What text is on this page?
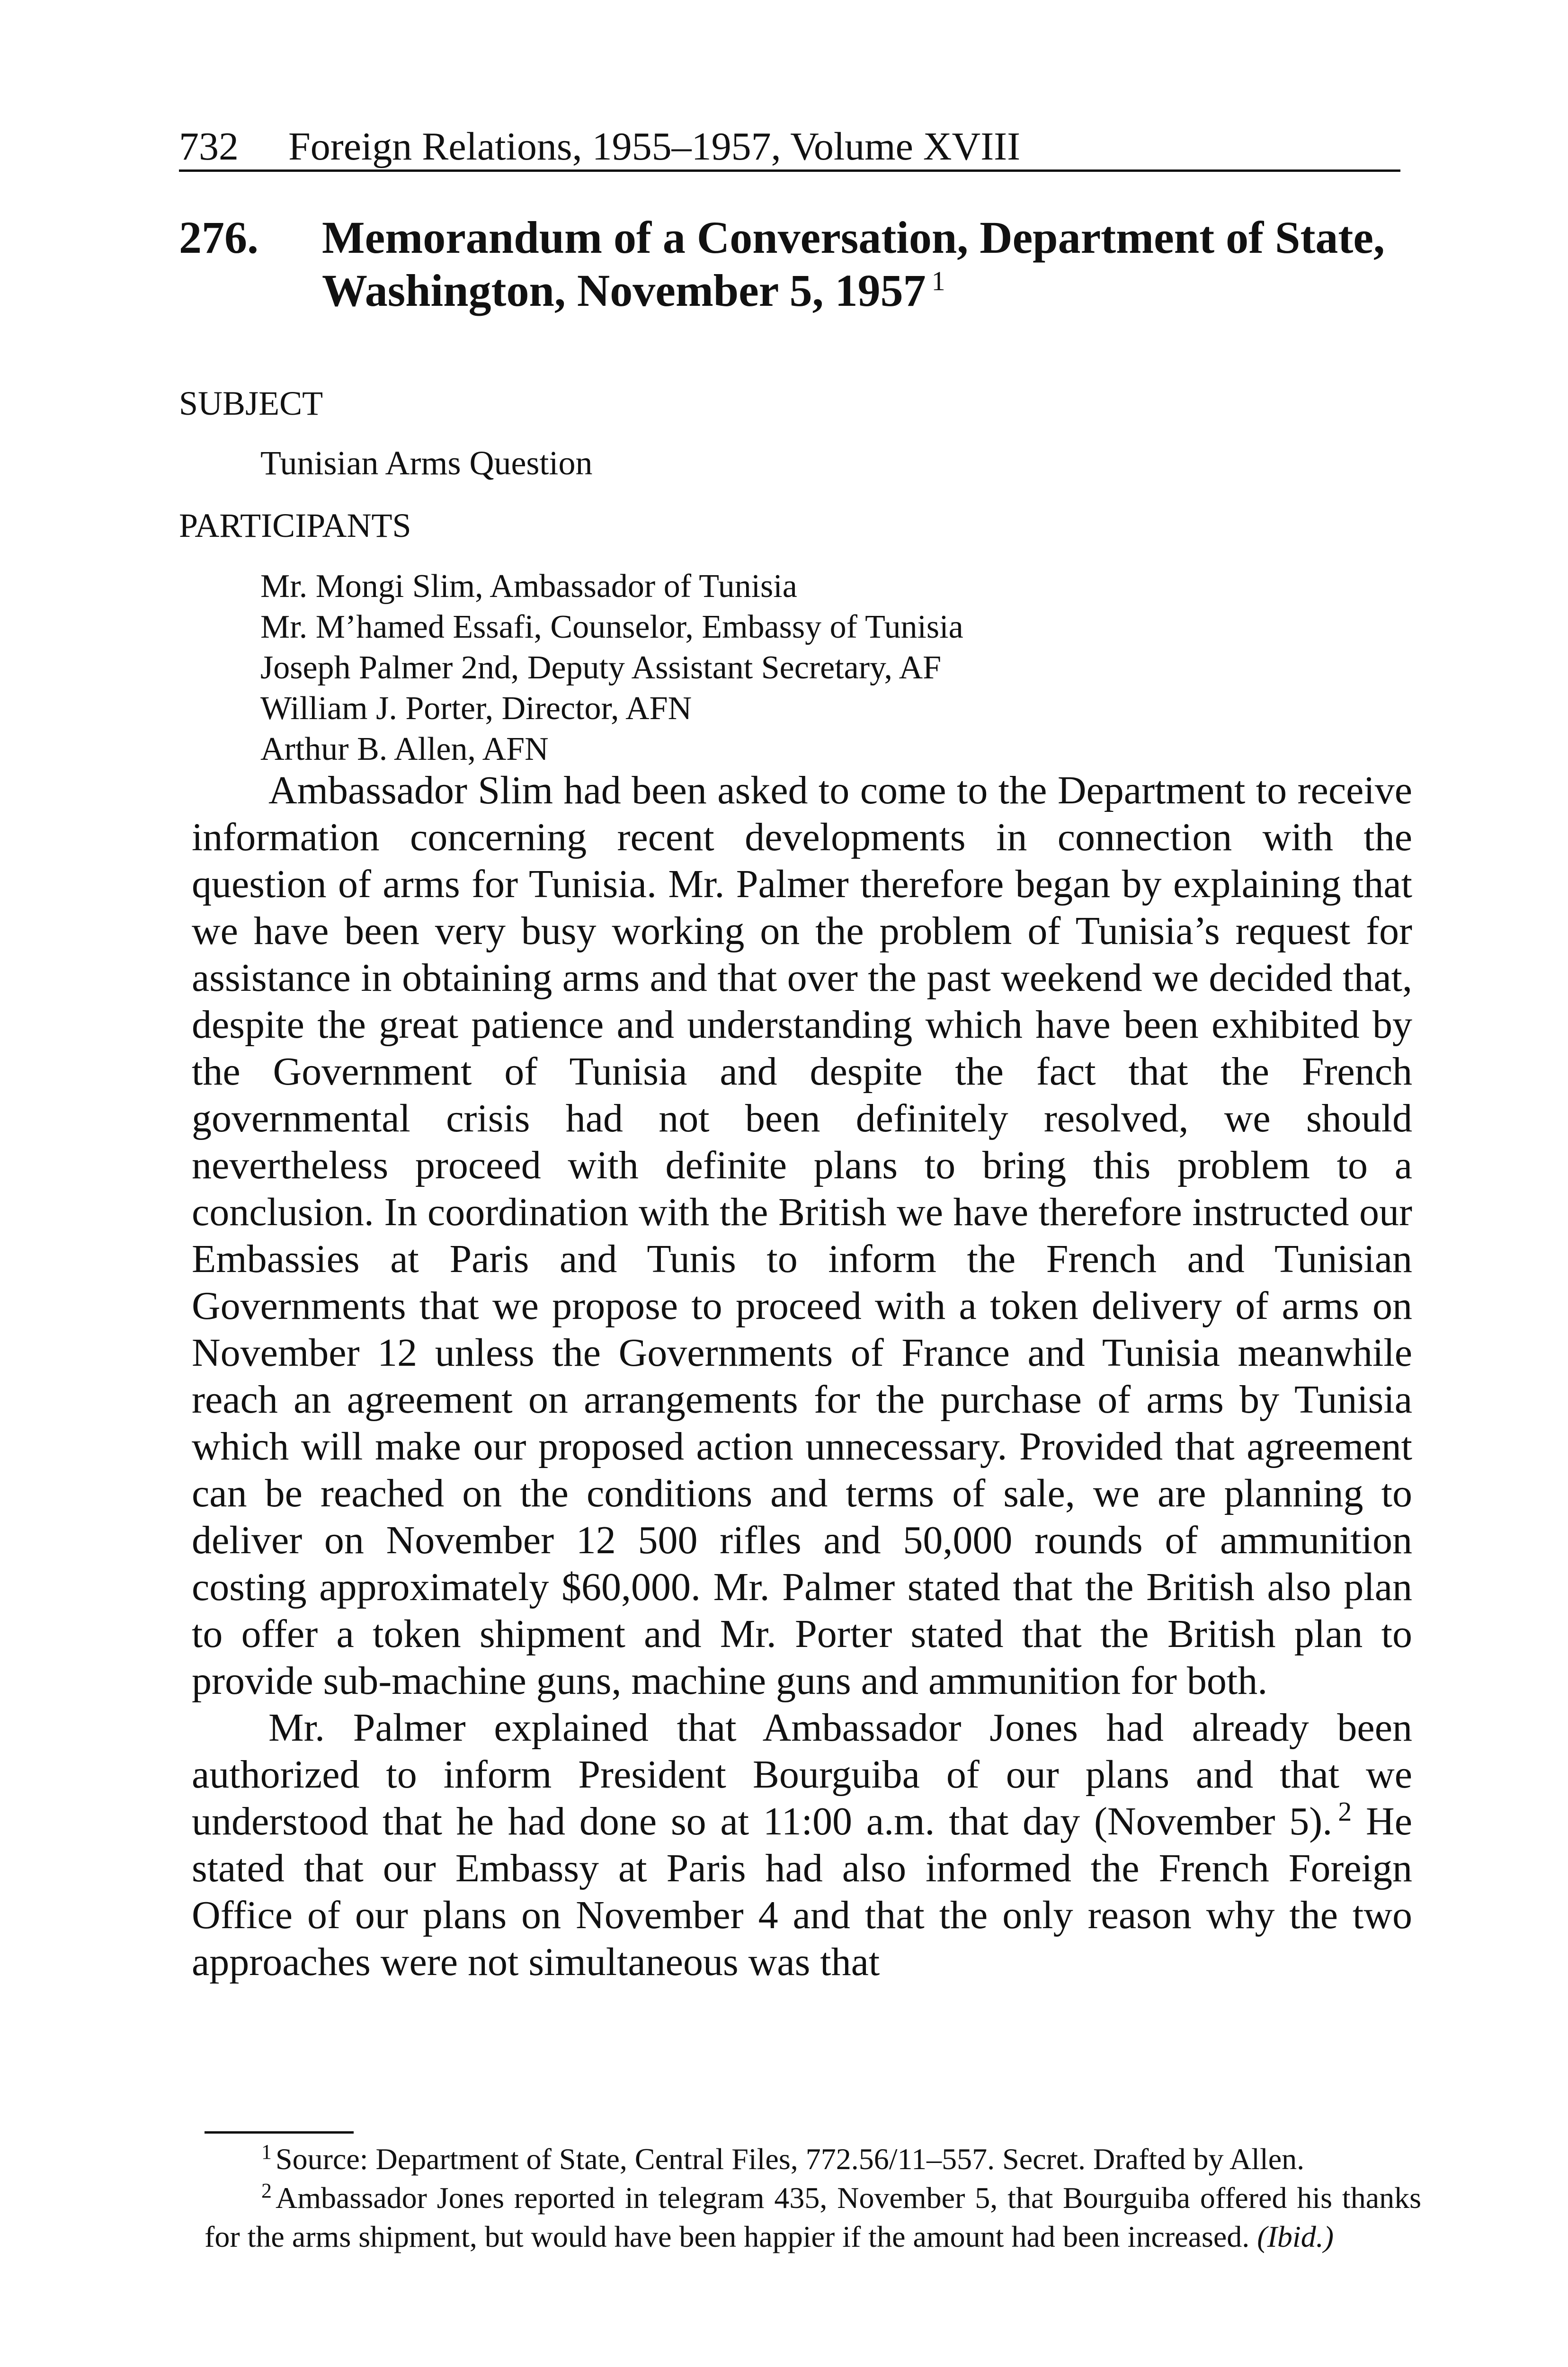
732 Foreign Relations, 1955–1957, Volume XVIII
276. Memorandum of a Conversation, Department of State, Washington, November 5, 1957 $^1$
SUBJECT
Tunisian Arms Question
PARTICIPANTS
Mr. Mongi Slim, Ambassador of Tunisia
Mr. M’hamed Essafi, Counselor, Embassy of Tunisia
Joseph Palmer 2nd, Deputy Assistant Secretary, AF
William J. Porter, Director, AFN
Arthur B. Allen, AFN

Ambassador Slim had been asked to come to the Department to receive information concerning recent developments in connection with the question of arms for Tunisia. Mr. Palmer therefore began by explaining that we have been very busy working on the problem of Tunisia’s request for assistance in obtaining arms and that over the past weekend we decided that, despite the great patience and understanding which have been exhibited by the Government of Tunisia and despite the fact that the French governmental crisis had not been definitely resolved, we should nevertheless proceed with definite plans to bring this problem to a conclusion. In coordination with the British we have therefore instructed our Embassies at Paris and Tunis to inform the French and Tunisian Governments that we propose to proceed with a token delivery of arms on November 12 unless the Governments of France and Tunisia meanwhile reach an agreement on arrangements for the purchase of arms by Tunisia which will make our proposed action unnecessary. Provided that agreement can be reached on the conditions and terms of sale, we are planning to deliver on November 12 500 rifles and 50,000 rounds of ammunition costing approximately $60,000. Mr. Palmer stated that the British also plan to offer a token shipment and Mr. Porter stated that the British plan to provide sub-machine guns, machine guns and ammunition for both.

Mr. Palmer explained that Ambassador Jones had already been authorized to inform President Bourguiba of our plans and that we understood that he had done so at 11:00 a.m. that day (November 5). $^2$ He stated that our Embassy at Paris had also informed the French Foreign Office of our plans on November 4 and that the only reason why the two approaches were not simultaneous was that

$^1$ Source: Department of State, Central Files, 772.56/11–557. Secret. Drafted by Allen.

$^2$ Ambassador Jones reported in telegram 435, November 5, that Bourguiba offered his thanks for the arms shipment, but would have been happier if the amount had been increased. (Ibid.)
